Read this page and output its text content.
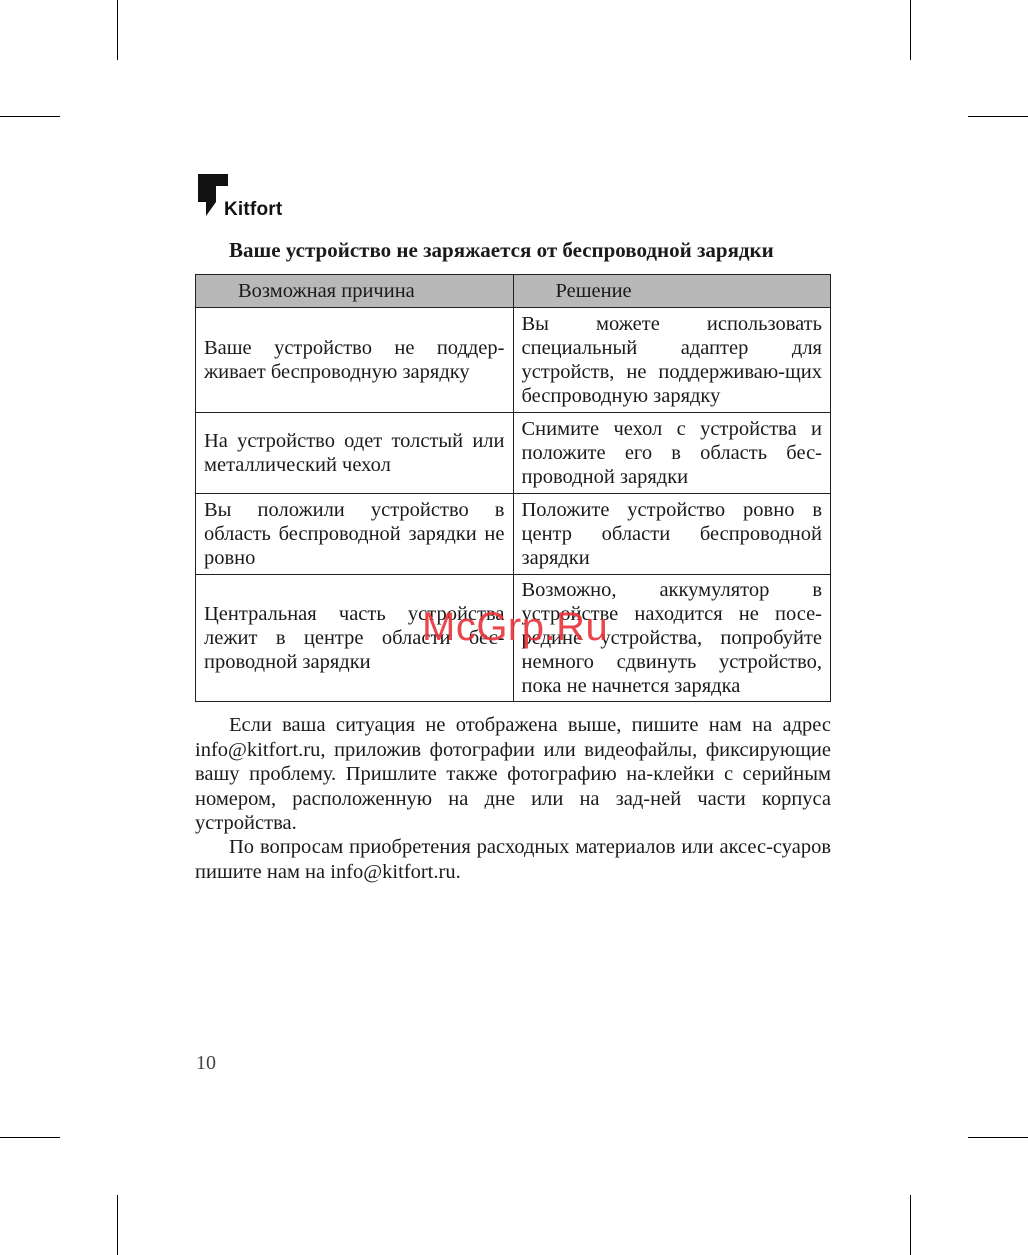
Kitfort
Ваше устройство не заряжается от беспроводной зарядки
Возможная причина	Решение
Ваше устройство не поддер-живает беспроводную зарядку	Вы можете использовать специальный адаптер для устройств, не поддерживаю-щих беспроводную зарядку
На устройство одет толстый или металлический чехол	Снимите чехол с устройства и положите его в область бес-проводной зарядки
Вы положили устройство в область беспроводной зарядки не ровно	Положите устройство ровно в центр области беспроводной зарядки
Центральная часть устройства лежит в центре области бес-проводной зарядки	Возможно, аккумулятор в устройстве находится не посе-редине устройства, попробуйте немного сдвинуть устройство, пока не начнется зарядка

Если ваша ситуация не отображена выше, пишите нам на адрес info@kitfort.ru, приложив фотографии или видеофайлы, фиксирующие вашу проблему. Пришлите также фотографию на-клейки с серийным номером, расположенную на дне или на зад-ней части корпуса устройства.

По вопросам приобретения расходных материалов или аксес-суаров пишите нам на info@kitfort.ru.

McGrp.Ru
10
